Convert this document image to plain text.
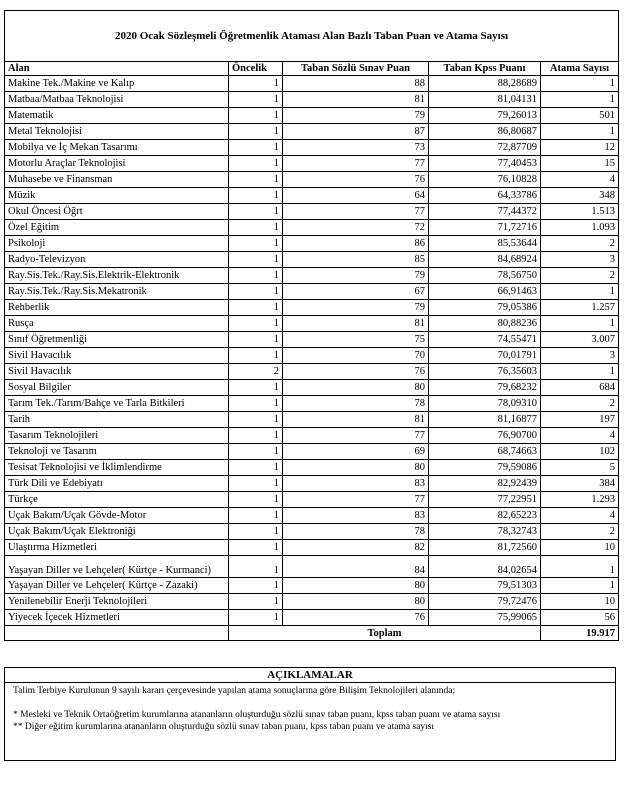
2020 Ocak Sözleşmeli Öğretmenlik Ataması Alan Bazlı Taban Puan ve Atama Sayısı				
Alan	Öncelik	Taban Sözlü Sınav Puan	Taban Kpss Puanı	Atama Sayısı
Makine Tek./Makine ve Kalıp	1	88	88,28689	1
Matbaa/Matbaa Teknolojisi	1	81	81,04131	1
Matematik	1	79	79,26013	501
Metal Teknolojisi	1	87	86,80687	1
Mobilya ve İç Mekan Tasarımı	1	73	72,87709	12
Motorlu Araçlar Teknolojisi	1	77	77,40453	15
Muhasebe ve Finansman	1	76	76,10828	4
Müzik	1	64	64,33786	348
Okul Öncesi Öğrt	1	77	77,44372	1.513
Özel Eğitim	1	72	71,72716	1.093
Psikoloji	1	86	85,53644	2
Radyo-Televizyon	1	85	84,68924	3
Ray.Sis.Tek./Ray.Sis.Elektrik-Elektronik	1	79	78,56750	2
Ray.Sis.Tek./Ray.Sis.Mekatronik	1	67	66,91463	1
Rehberlik	1	79	79,05386	1.257
Rusça	1	81	80,88236	1
Sınıf Öğretmenliği	1	75	74,55471	3.007
Sivil Havacılık	1	70	70,01791	3
Sivil Havacılık	2	76	76,35603	1
Sosyal Bilgiler	1	80	79,68232	684
Tarım Tek./Tarım/Bahçe ve Tarla Bitkileri	1	78	78,09310	2
Tarih	1	81	81,16877	197
Tasarım Teknolojileri	1	77	76,90700	4
Teknoloji ve Tasarım	1	69	68,74663	102
Tesisat Teknolojisi ve İklimlendirme	1	80	79,59086	5
Türk Dili ve Edebiyatı	1	83	82,92439	384
Türkçe	1	77	77,22951	1.293
Uçak Bakım/Uçak Gövde-Motor	1	83	82,65223	4
Uçak Bakım/Uçak Elektroniği	1	78	78,32743	2
Ulaştırma Hizmetleri	1	82	81,72560	10
Yaşayan Diller ve Lehçeler( Kürtçe - Kurmanci)	1	84	84,02654	1
Yaşayan Diller ve Lehçeler( Kürtçe - Zazaki)	1	80	79,51303	1
Yenilenebilir Enerji Teknolojileri	1	80	79,72476	10
Yiyecek İçecek Hizmetleri	1	76	75,99065	56
	Toplam			19.917
AÇIKLAMALAR
Talim Terbiye Kurulunun 9 sayılı kararı çerçevesinde yapılan atama sonuçlarına göre Bilişim Teknolojileri alanında;
* Mesleki ve Teknik Ortaöğretim kurumlarına atananların oluşturduğu sözlü sınav taban puanı, kpss taban puanı ve atama sayısı
** Diğer eğitim kurumlarına atananların oluşturduğu sözlü sınav taban puanı, kpss taban puanı ve atama sayısı
